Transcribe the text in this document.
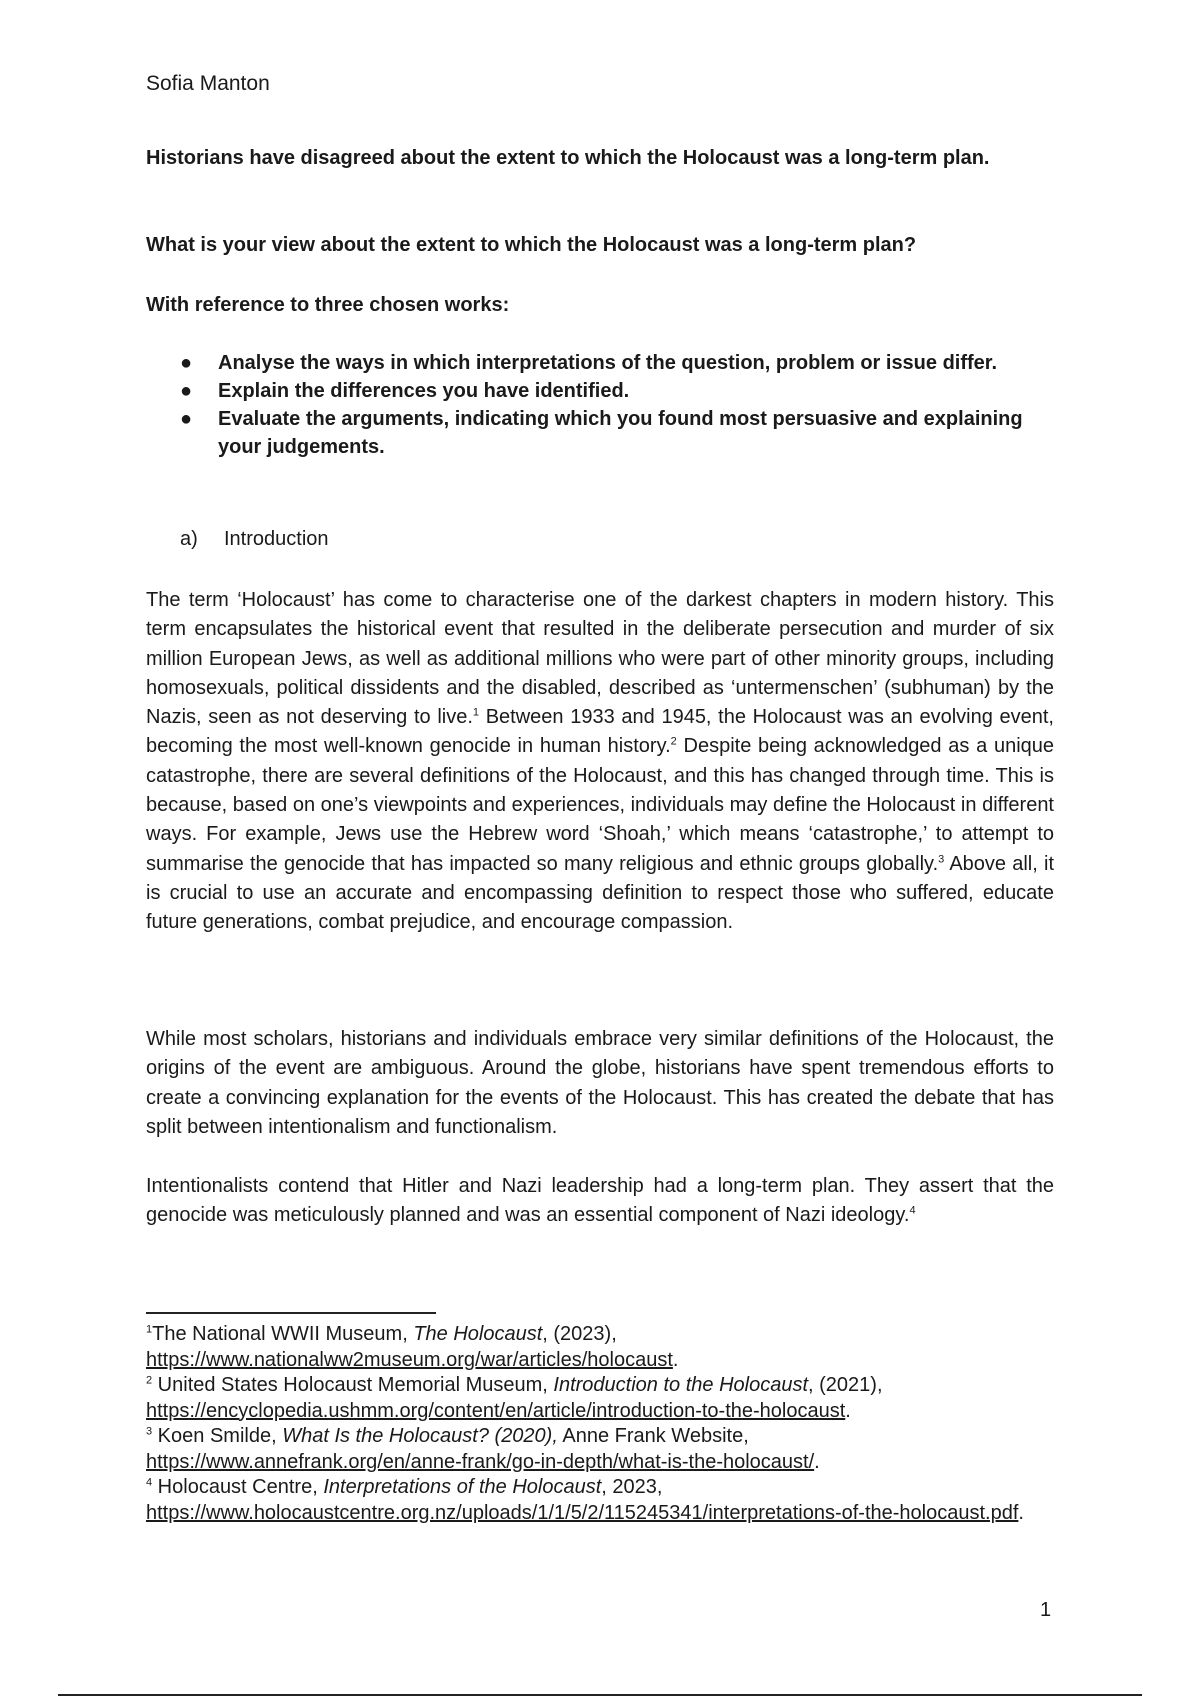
Sofia Manton

Historians have disagreed about the extent to which the Holocaust was a long-term plan.

What is your view about the extent to which the Holocaust was a long-term plan?

With reference to three chosen works:

● Analyse the ways in which interpretations of the question, problem or issue differ.
● Explain the differences you have identified.
● Evaluate the arguments, indicating which you found most persuasive and explaining your judgements.
a) Introduction

The term ‘Holocaust’ has come to characterise one of the darkest chapters in modern history. This term encapsulates the historical event that resulted in the deliberate persecution and murder of six million European Jews, as well as additional millions who were part of other minority groups, including homosexuals, political dissidents and the disabled, described as ‘untermenschen’ (subhuman) by the Nazis, seen as not deserving to live.$^1$ Between 1933 and 1945, the Holocaust was an evolving event, becoming the most well-known genocide in human history.$^2$ Despite being acknowledged as a unique catastrophe, there are several definitions of the Holocaust, and this has changed through time. This is because, based on one’s viewpoints and experiences, individuals may define the Holocaust in different ways. For example, Jews use the Hebrew word ‘Shoah,’ which means ‘catastrophe,’ to attempt to summarise the genocide that has impacted so many religious and ethnic groups globally.$^3$ Above all, it is crucial to use an accurate and encompassing definition to respect those who suffered, educate future generations, combat prejudice, and encourage compassion.

While most scholars, historians and individuals embrace very similar definitions of the Holocaust, the origins of the event are ambiguous. Around the globe, historians have spent tremendous efforts to create a convincing explanation for the events of the Holocaust. This has created the debate that has split between intentionalism and functionalism.

Intentionalists contend that Hitler and Nazi leadership had a long-term plan. They assert that the genocide was meticulously planned and was an essential component of Nazi ideology.$^4$

$^1$The National WWII Museum, The Holocaust, (2023),
https://www.nationalww2museum.org/war/articles/holocaust.

$^2$ United States Holocaust Memorial Museum, Introduction to the Holocaust, (2021),
https://encyclopedia.ushmm.org/content/en/article/introduction-to-the-holocaust.

$^3$ Koen Smilde, What Is the Holocaust? (2020), Anne Frank Website,
https://www.annefrank.org/en/anne-frank/go-in-depth/what-is-the-holocaust/.

$^4$ Holocaust Centre, Interpretations of the Holocaust, 2023,
https://www.holocaustcentre.org.nz/uploads/1/1/5/2/115245341/interpretations-of-the-holocaust.pdf.

1
